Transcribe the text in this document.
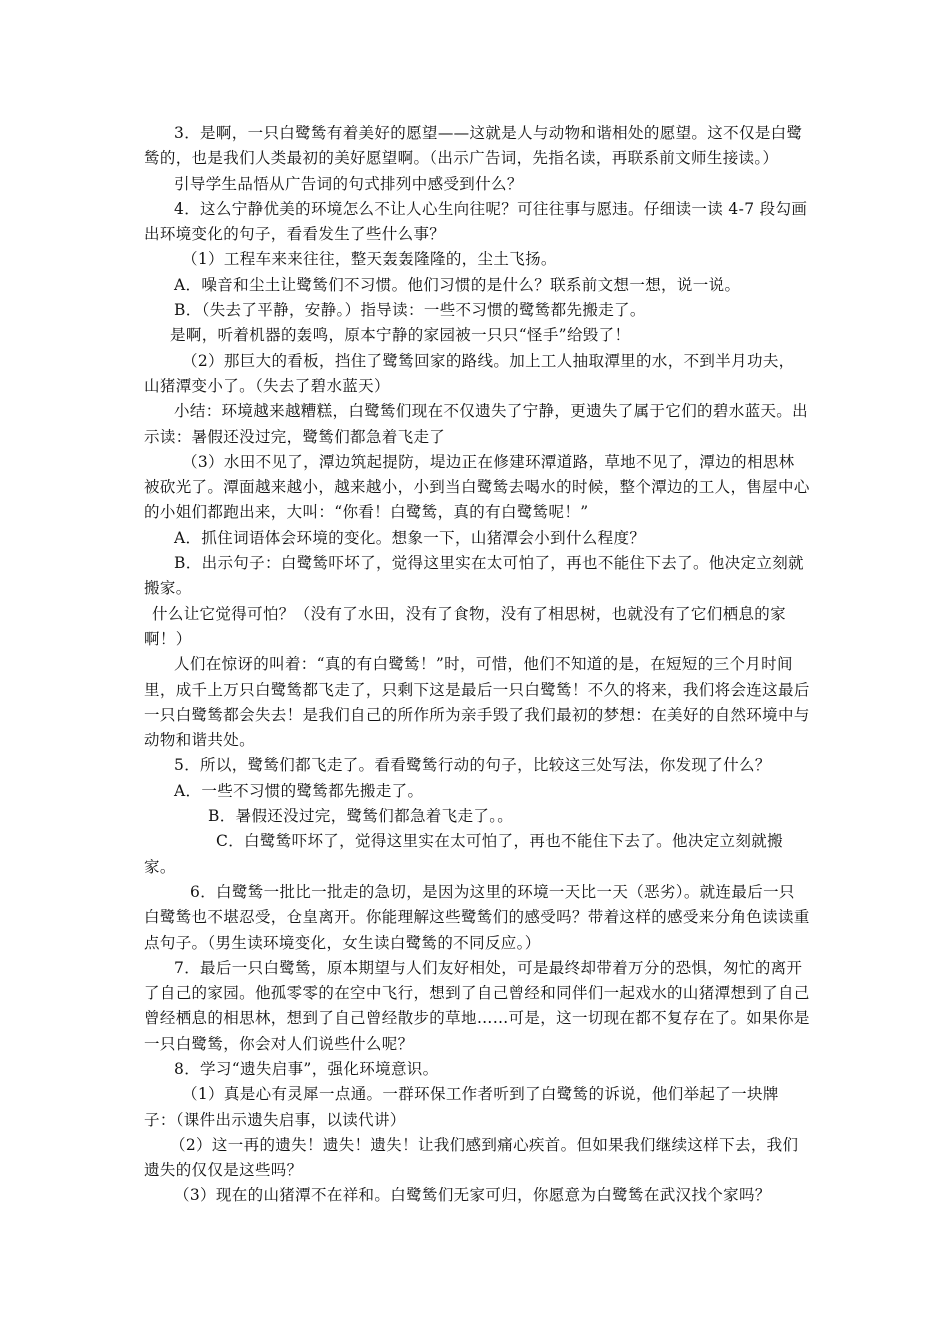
3．是啊，一只白鹭鸶有着美好的愿望——这就是人与动物和谐相处的愿望。这不仅是白鹭鸶的，也是我们人类最初的美好愿望啊。（出示广告词，先指名读，再联系前文师生接读。）

引导学生品悟从广告词的句式排列中感受到什么？

4．这么宁静优美的环境怎么不让人心生向往呢？可往往事与愿违。仔细读一读 4-7 段勾画出环境变化的句子，看看发生了些什么事？

（1）工程车来来往往，整天轰轰隆隆的，尘土飞扬。

A．噪音和尘土让鹭鸶们不习惯。他们习惯的是什么？联系前文想一想，说一说。

B．（失去了平静，安静。）指导读：一些不习惯的鹭鸶都先搬走了。

是啊，听着机器的轰鸣，原本宁静的家园被一只只“怪手”给毁了！

（2）那巨大的看板，挡住了鹭鸶回家的路线。加上工人抽取潭里的水，不到半月功夫，山猪潭变小了。（失去了碧水蓝天）

小结：环境越来越糟糕，白鹭鸶们现在不仅遗失了宁静，更遗失了属于它们的碧水蓝天。出示读：暑假还没过完，鹭鸶们都急着飞走了

（3）水田不见了，潭边筑起提防，堤边正在修建环潭道路，草地不见了，潭边的相思林被砍光了。潭面越来越小，越来越小，小到当白鹭鸶去喝水的时候，整个潭边的工人，售屋中心的小姐们都跑出来，大叫：“你看！白鹭鸶，真的有白鹭鸶呢！”

A．抓住词语体会环境的变化。想象一下，山猪潭会小到什么程度？

B．出示句子：白鹭鸶吓坏了，觉得这里实在太可怕了，再也不能住下去了。他决定立刻就搬家。

什么让它觉得可怕？（没有了水田，没有了食物，没有了相思树，也就没有了它们栖息的家啊！）

人们在惊讶的叫着：“真的有白鹭鸶！”时，可惜，他们不知道的是，在短短的三个月时间里，成千上万只白鹭鸶都飞走了，只剩下这是最后一只白鹭鸶！不久的将来，我们将会连这最后一只白鹭鸶都会失去！是我们自己的所作所为亲手毁了我们最初的梦想：在美好的自然环境中与动物和谐共处。

5．所以，鹭鸶们都飞走了。看看鹭鸶行动的句子，比较这三处写法，你发现了什么？

A．一些不习惯的鹭鸶都先搬走了。

B．暑假还没过完，鹭鸶们都急着飞走了。。

C．白鹭鸶吓坏了，觉得这里实在太可怕了，再也不能住下去了。他决定立刻就搬家。

6．白鹭鸶一批比一批走的急切，是因为这里的环境一天比一天（恶劣）。就连最后一只白鹭鸶也不堪忍受，仓皇离开。你能理解这些鹭鸶们的感受吗？带着这样的感受来分角色读读重点句子。（男生读环境变化，女生读白鹭鸶的不同反应。）

7．最后一只白鹭鸶，原本期望与人们友好相处，可是最终却带着万分的恐惧，匆忙的离开了自己的家园。他孤零零的在空中飞行，想到了自己曾经和同伴们一起戏水的山猪潭想到了自己曾经栖息的相思林，想到了自己曾经散步的草地……可是，这一切现在都不复存在了。如果你是一只白鹭鸶，你会对人们说些什么呢？

8．学习“遗失启事”，强化环境意识。

（1）真是心有灵犀一点通。一群环保工作者听到了白鹭鸶的诉说，他们举起了一块牌子：（课件出示遗失启事，以读代讲）

（2）这一再的遗失！遗失！遗失！让我们感到痛心疾首。但如果我们继续这样下去，我们遗失的仅仅是这些吗？

（3）现在的山猪潭不在祥和。白鹭鸶们无家可归，你愿意为白鹭鸶在武汉找个家吗？
